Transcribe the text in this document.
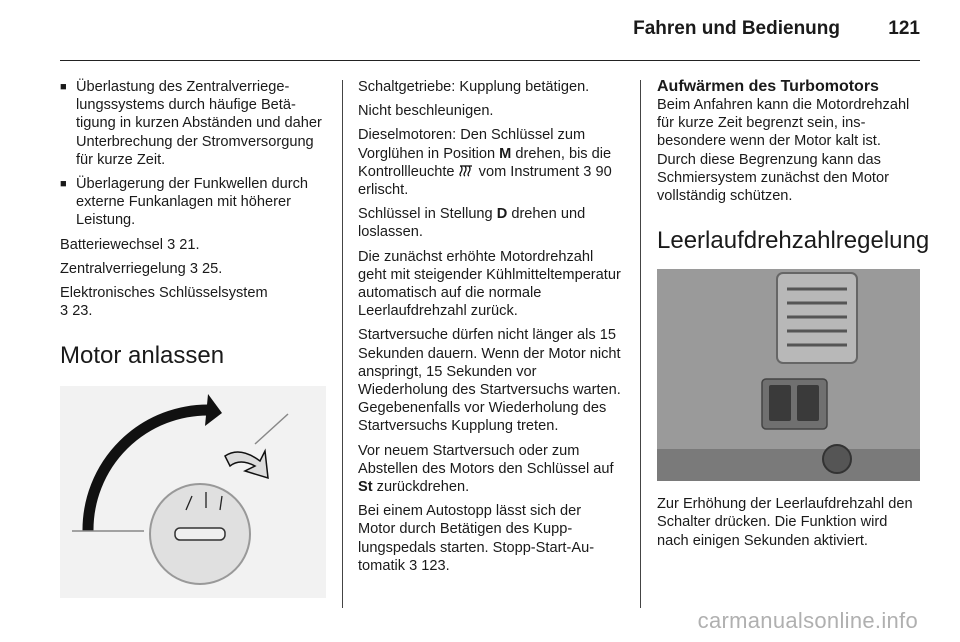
Fahren und Bedienung	121
■ Überlastung des Zentralverriegelungssystems durch häufige Betätigung in kurzen Abständen und daher Unterbrechung der Stromversorgung für kurze Zeit.
■ Überlagerung der Funkwellen durch externe Funkanlagen mit höherer Leistung.

Batteriewechsel 3 21.

Zentralverriegelung 3 25.

Elektronisches Schlüsselsystem
3 23.

Motor anlassen

Schaltgetriebe: Kupplung betätigen.

Nicht beschleunigen.

Dieselmotoren: Den Schlüssel zum Vorglühen in Position M drehen, bis die Kontrollleuchte  vom Instrument 3 90 erlischt.

Schlüssel in Stellung D drehen und loslassen.

Die zunächst erhöhte Motordrehzahl geht mit steigender Kühlmitteltemperatur automatisch auf die normale Leerlaufdrehzahl zurück.

Startversuche dürfen nicht länger als 15 Sekunden dauern. Wenn der Motor nicht anspringt, 15 Sekunden vor Wiederholung des Startversuchs warten. Gegebenenfalls vor Wiederholung des Startversuchs Kupplung treten.

Vor neuem Startversuch oder zum Abstellen des Motors den Schlüssel auf St zurückdrehen.

Bei einem Autostopp lässt sich der Motor durch Betätigen des Kupplungspedals starten. Stopp-Start-Automatik 3 123.

Aufwärmen des Turbomotors

Beim Anfahren kann die Motordrehzahl für kurze Zeit begrenzt sein, insbesondere wenn der Motor kalt ist. Durch diese Begrenzung kann das Schmiersystem zunächst den Motor vollständig schützen.

Leerlaufdrehzahlregelung

Zur Erhöhung der Leerlaufdrehzahl den Schalter drücken. Die Funktion wird nach einigen Sekunden aktiviert.

carmanualsonline.info
